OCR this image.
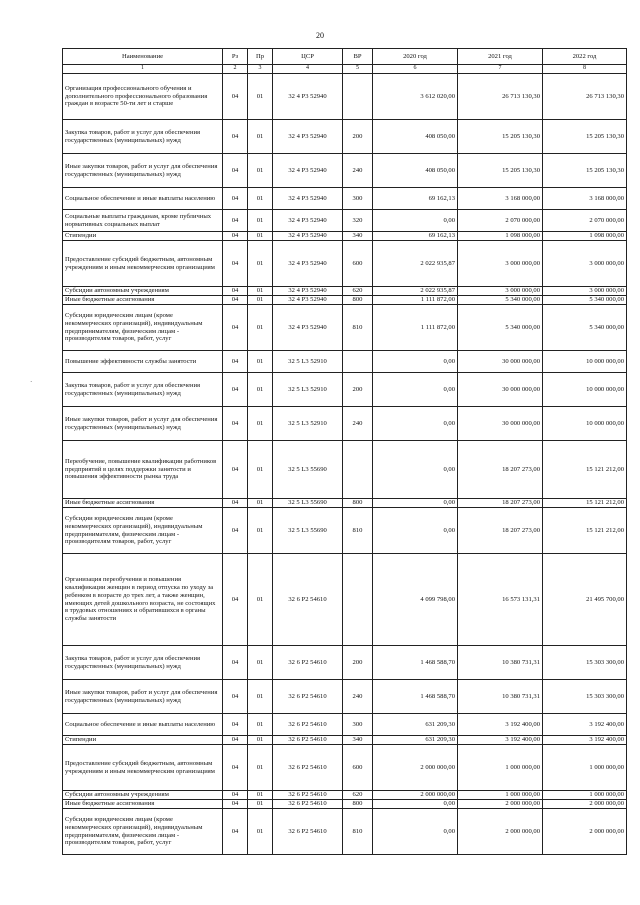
20
·
Наименование	Рз	Пр	ЦСР	ВР	2020 год	2021 год	2022 год
1	2	3	4	5	6	7	8
Организация профессионального обучения и дополнительного профессионального образования граждан в возрасте 50-ти лет и старше	04	01	32 4 P3 52940		3 612 020,00	26 713 130,30	26 713 130,30
Закупка товаров, работ и услуг для обеспечения государственных (муниципальных) нужд	04	01	32 4 P3 52940	200	408 050,00	15 205 130,30	15 205 130,30
Иные закупки товаров, работ и услуг для обеспечения государственных (муниципальных) нужд	04	01	32 4 P3 52940	240	408 050,00	15 205 130,30	15 205 130,30
Социальное обеспечение и иные выплаты населению	04	01	32 4 P3 52940	300	69 162,13	3 168 000,00	3 168 000,00
Социальные выплаты гражданам, кроме публичных нормативных социальных выплат	04	01	32 4 P3 52940	320	0,00	2 070 000,00	2 070 000,00
Стипендии	04	01	32 4 P3 52940	340	69 162,13	1 098 000,00	1 098 000,00
Предоставление субсидий бюджетным, автономным учреждениям и иным некоммерческим организациям	04	01	32 4 P3 52940	600	2 022 935,87	3 000 000,00	3 000 000,00
Субсидии автономным учреждениям	04	01	32 4 P3 52940	620	2 022 935,87	3 000 000,00	3 000 000,00
Иные бюджетные ассигнования	04	01	32 4 P3 52940	800	1 111 872,00	5 340 000,00	5 340 000,00
Субсидии юридическим лицам (кроме некоммерческих организаций), индивидуальным предпринимателям, физическим лицам - производителям товаров, работ, услуг	04	01	32 4 P3 52940	810	1 111 872,00	5 340 000,00	5 340 000,00
Повышение эффективности службы занятости	04	01	32 5 L3 52910		0,00	30 000 000,00	10 000 000,00
Закупка товаров, работ и услуг для обеспечения государственных (муниципальных) нужд	04	01	32 5 L3 52910	200	0,00	30 000 000,00	10 000 000,00
Иные закупки товаров, работ и услуг для обеспечения государственных (муниципальных) нужд	04	01	32 5 L3 52910	240	0,00	30 000 000,00	10 000 000,00
Переобучение, повышение квалификации работников предприятий в целях поддержки занятости и повышения эффективности рынка труда	04	01	32 5 L3 55690		0,00	18 207 273,00	15 121 212,00
Иные бюджетные ассигнования	04	01	32 5 L3 55690	800	0,00	18 207 273,00	15 121 212,00
Субсидии юридическим лицам (кроме некоммерческих организаций), индивидуальным предпринимателям, физическим лицам - производителям товаров, работ, услуг	04	01	32 5 L3 55690	810	0,00	18 207 273,00	15 121 212,00
Организация переобучения и повышения квалификации женщин в период отпуска по уходу за ребенком в возрасте до трех лет, а также женщин, имеющих детей дошкольного возраста, не состоящих в трудовых отношениях и обратившихся в органы службы занятости	04	01	32 6 P2 54610		4 099 798,00	16 573 131,31	21 495 700,00
Закупка товаров, работ и услуг для обеспечения государственных (муниципальных) нужд	04	01	32 6 P2 54610	200	1 468 588,70	10 380 731,31	15 303 300,00
Иные закупки товаров, работ и услуг для обеспечения государственных (муниципальных) нужд	04	01	32 6 P2 54610	240	1 468 588,70	10 380 731,31	15 303 300,00
Социальное обеспечение и иные выплаты населению	04	01	32 6 P2 54610	300	631 209,30	3 192 400,00	3 192 400,00
Стипендии	04	01	32 6 P2 54610	340	631 209,30	3 192 400,00	3 192 400,00
Предоставление субсидий бюджетным, автономным учреждениям и иным некоммерческим организациям	04	01	32 6 P2 54610	600	2 000 000,00	1 000 000,00	1 000 000,00
Субсидии автономным учреждениям	04	01	32 6 P2 54610	620	2 000 000,00	1 000 000,00	1 000 000,00
Иные бюджетные ассигнования	04	01	32 6 P2 54610	800	0,00	2 000 000,00	2 000 000,00
Субсидии юридическим лицам (кроме некоммерческих организаций), индивидуальным предпринимателям, физическим лицам - производителям товаров, работ, услуг	04	01	32 6 P2 54610	810	0,00	2 000 000,00	2 000 000,00
